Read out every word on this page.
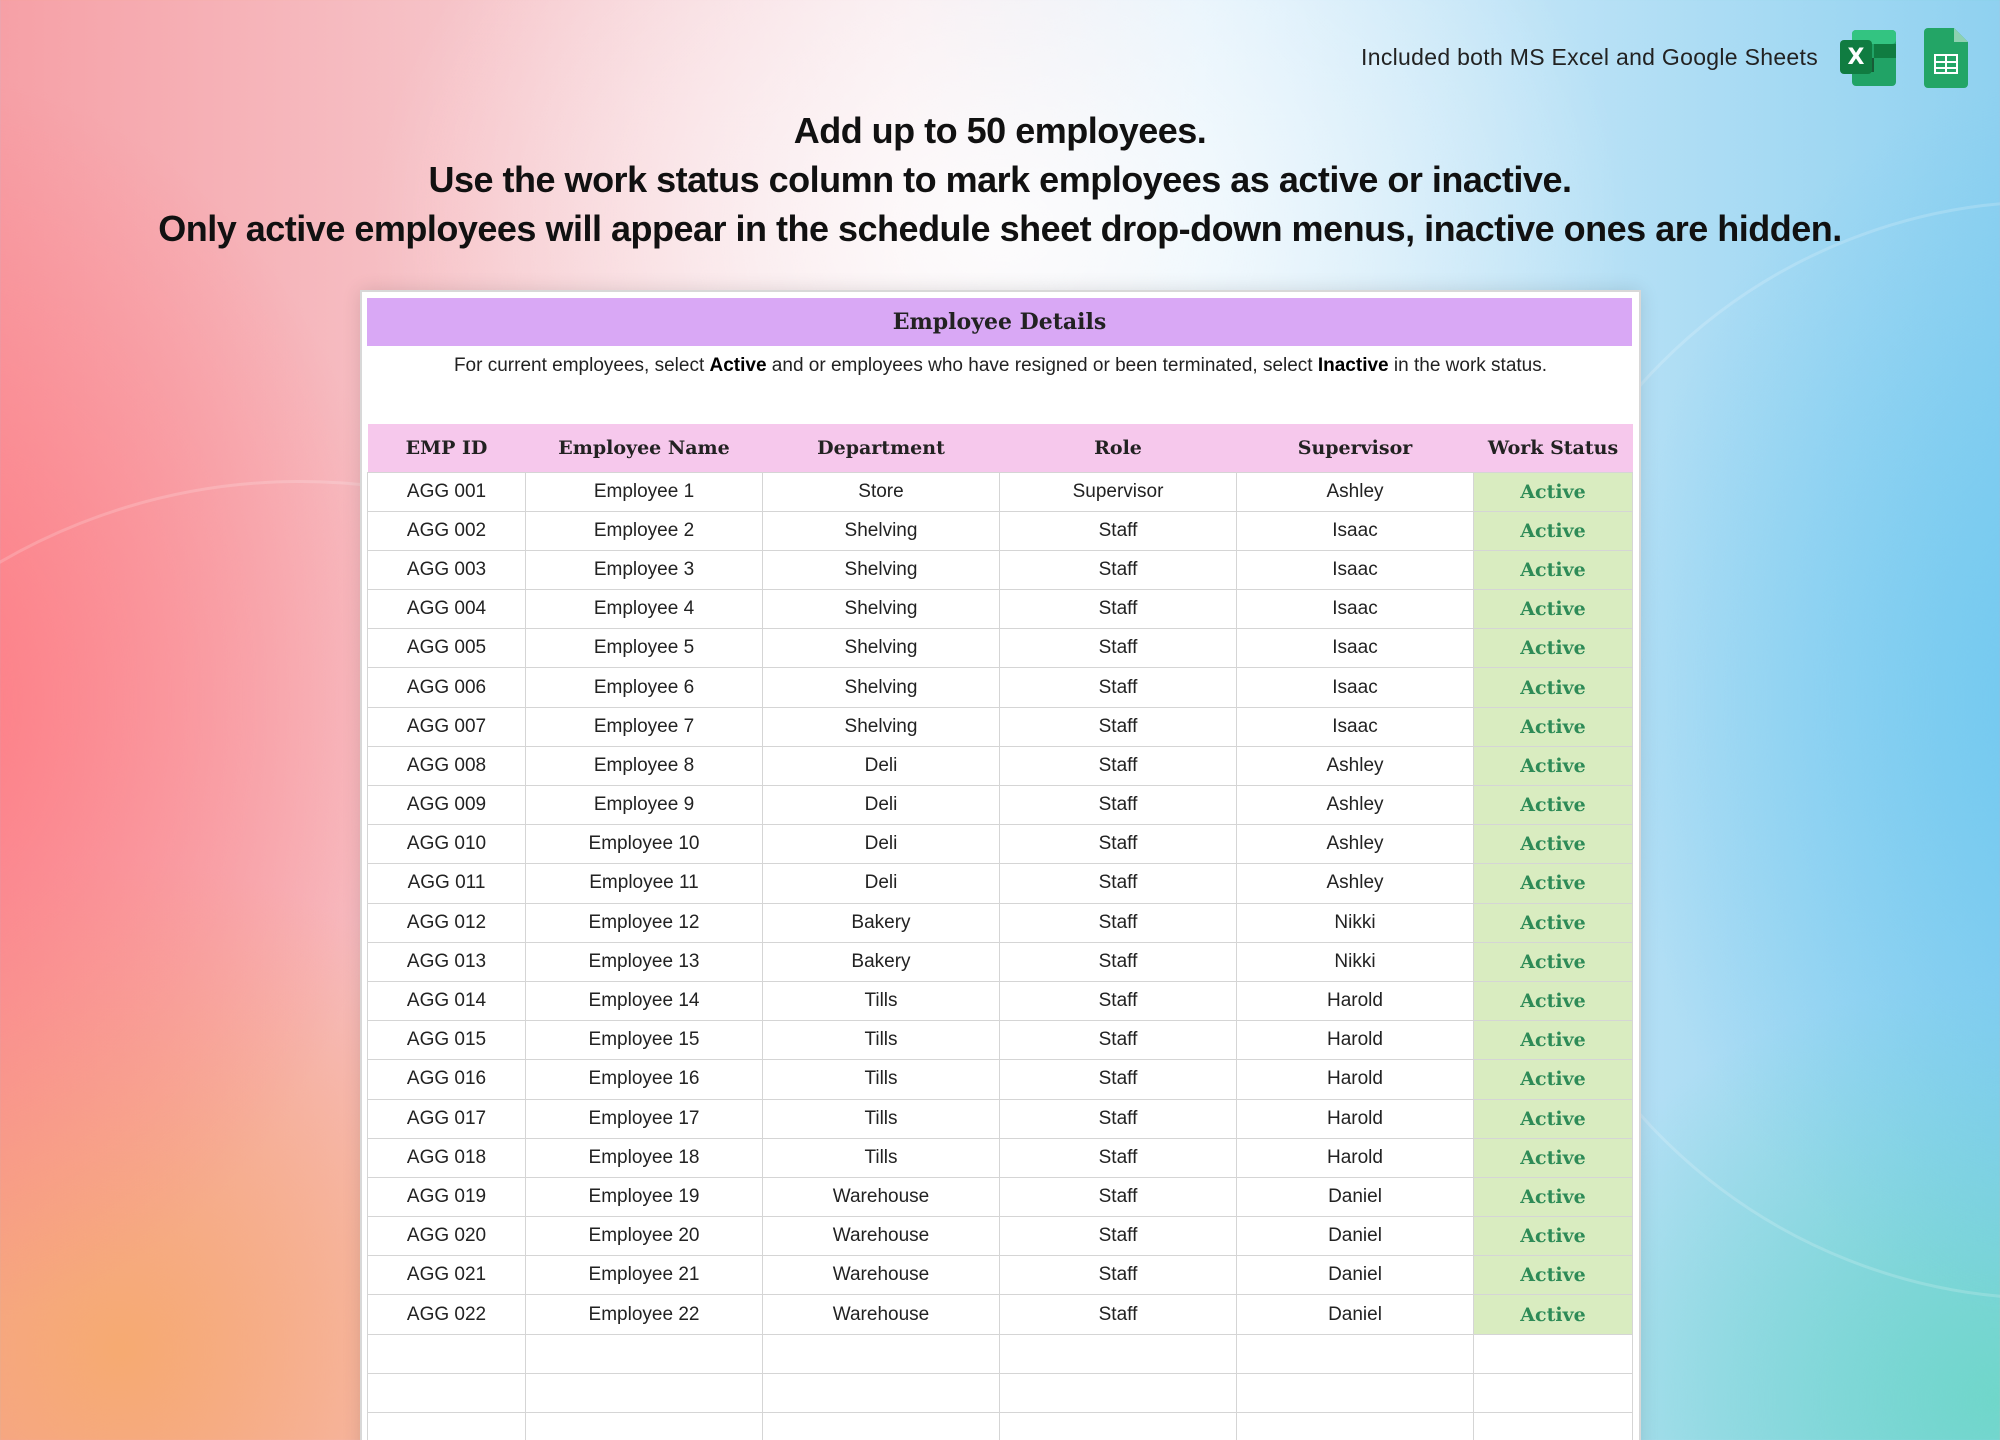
Included both MS Excel and Google Sheets X
Add up to 50 employees.
Use the work status column to mark employees as active or inactive.
Only active employees will appear in the schedule sheet drop-down menus, inactive ones are hidden.
Employee Details
For current employees, select Active and or employees who have resigned or been terminated, select Inactive in the work status.
EMP ID	Employee Name	Department	Role	Supervisor	Work Status
AGG 001	Employee 1	Store	Supervisor	Ashley	Active
AGG 002	Employee 2	Shelving	Staff	Isaac	Active
AGG 003	Employee 3	Shelving	Staff	Isaac	Active
AGG 004	Employee 4	Shelving	Staff	Isaac	Active
AGG 005	Employee 5	Shelving	Staff	Isaac	Active
AGG 006	Employee 6	Shelving	Staff	Isaac	Active
AGG 007	Employee 7	Shelving	Staff	Isaac	Active
AGG 008	Employee 8	Deli	Staff	Ashley	Active
AGG 009	Employee 9	Deli	Staff	Ashley	Active
AGG 010	Employee 10	Deli	Staff	Ashley	Active
AGG 011	Employee 11	Deli	Staff	Ashley	Active
AGG 012	Employee 12	Bakery	Staff	Nikki	Active
AGG 013	Employee 13	Bakery	Staff	Nikki	Active
AGG 014	Employee 14	Tills	Staff	Harold	Active
AGG 015	Employee 15	Tills	Staff	Harold	Active
AGG 016	Employee 16	Tills	Staff	Harold	Active
AGG 017	Employee 17	Tills	Staff	Harold	Active
AGG 018	Employee 18	Tills	Staff	Harold	Active
AGG 019	Employee 19	Warehouse	Staff	Daniel	Active
AGG 020	Employee 20	Warehouse	Staff	Daniel	Active
AGG 021	Employee 21	Warehouse	Staff	Daniel	Active
AGG 022	Employee 22	Warehouse	Staff	Daniel	Active
